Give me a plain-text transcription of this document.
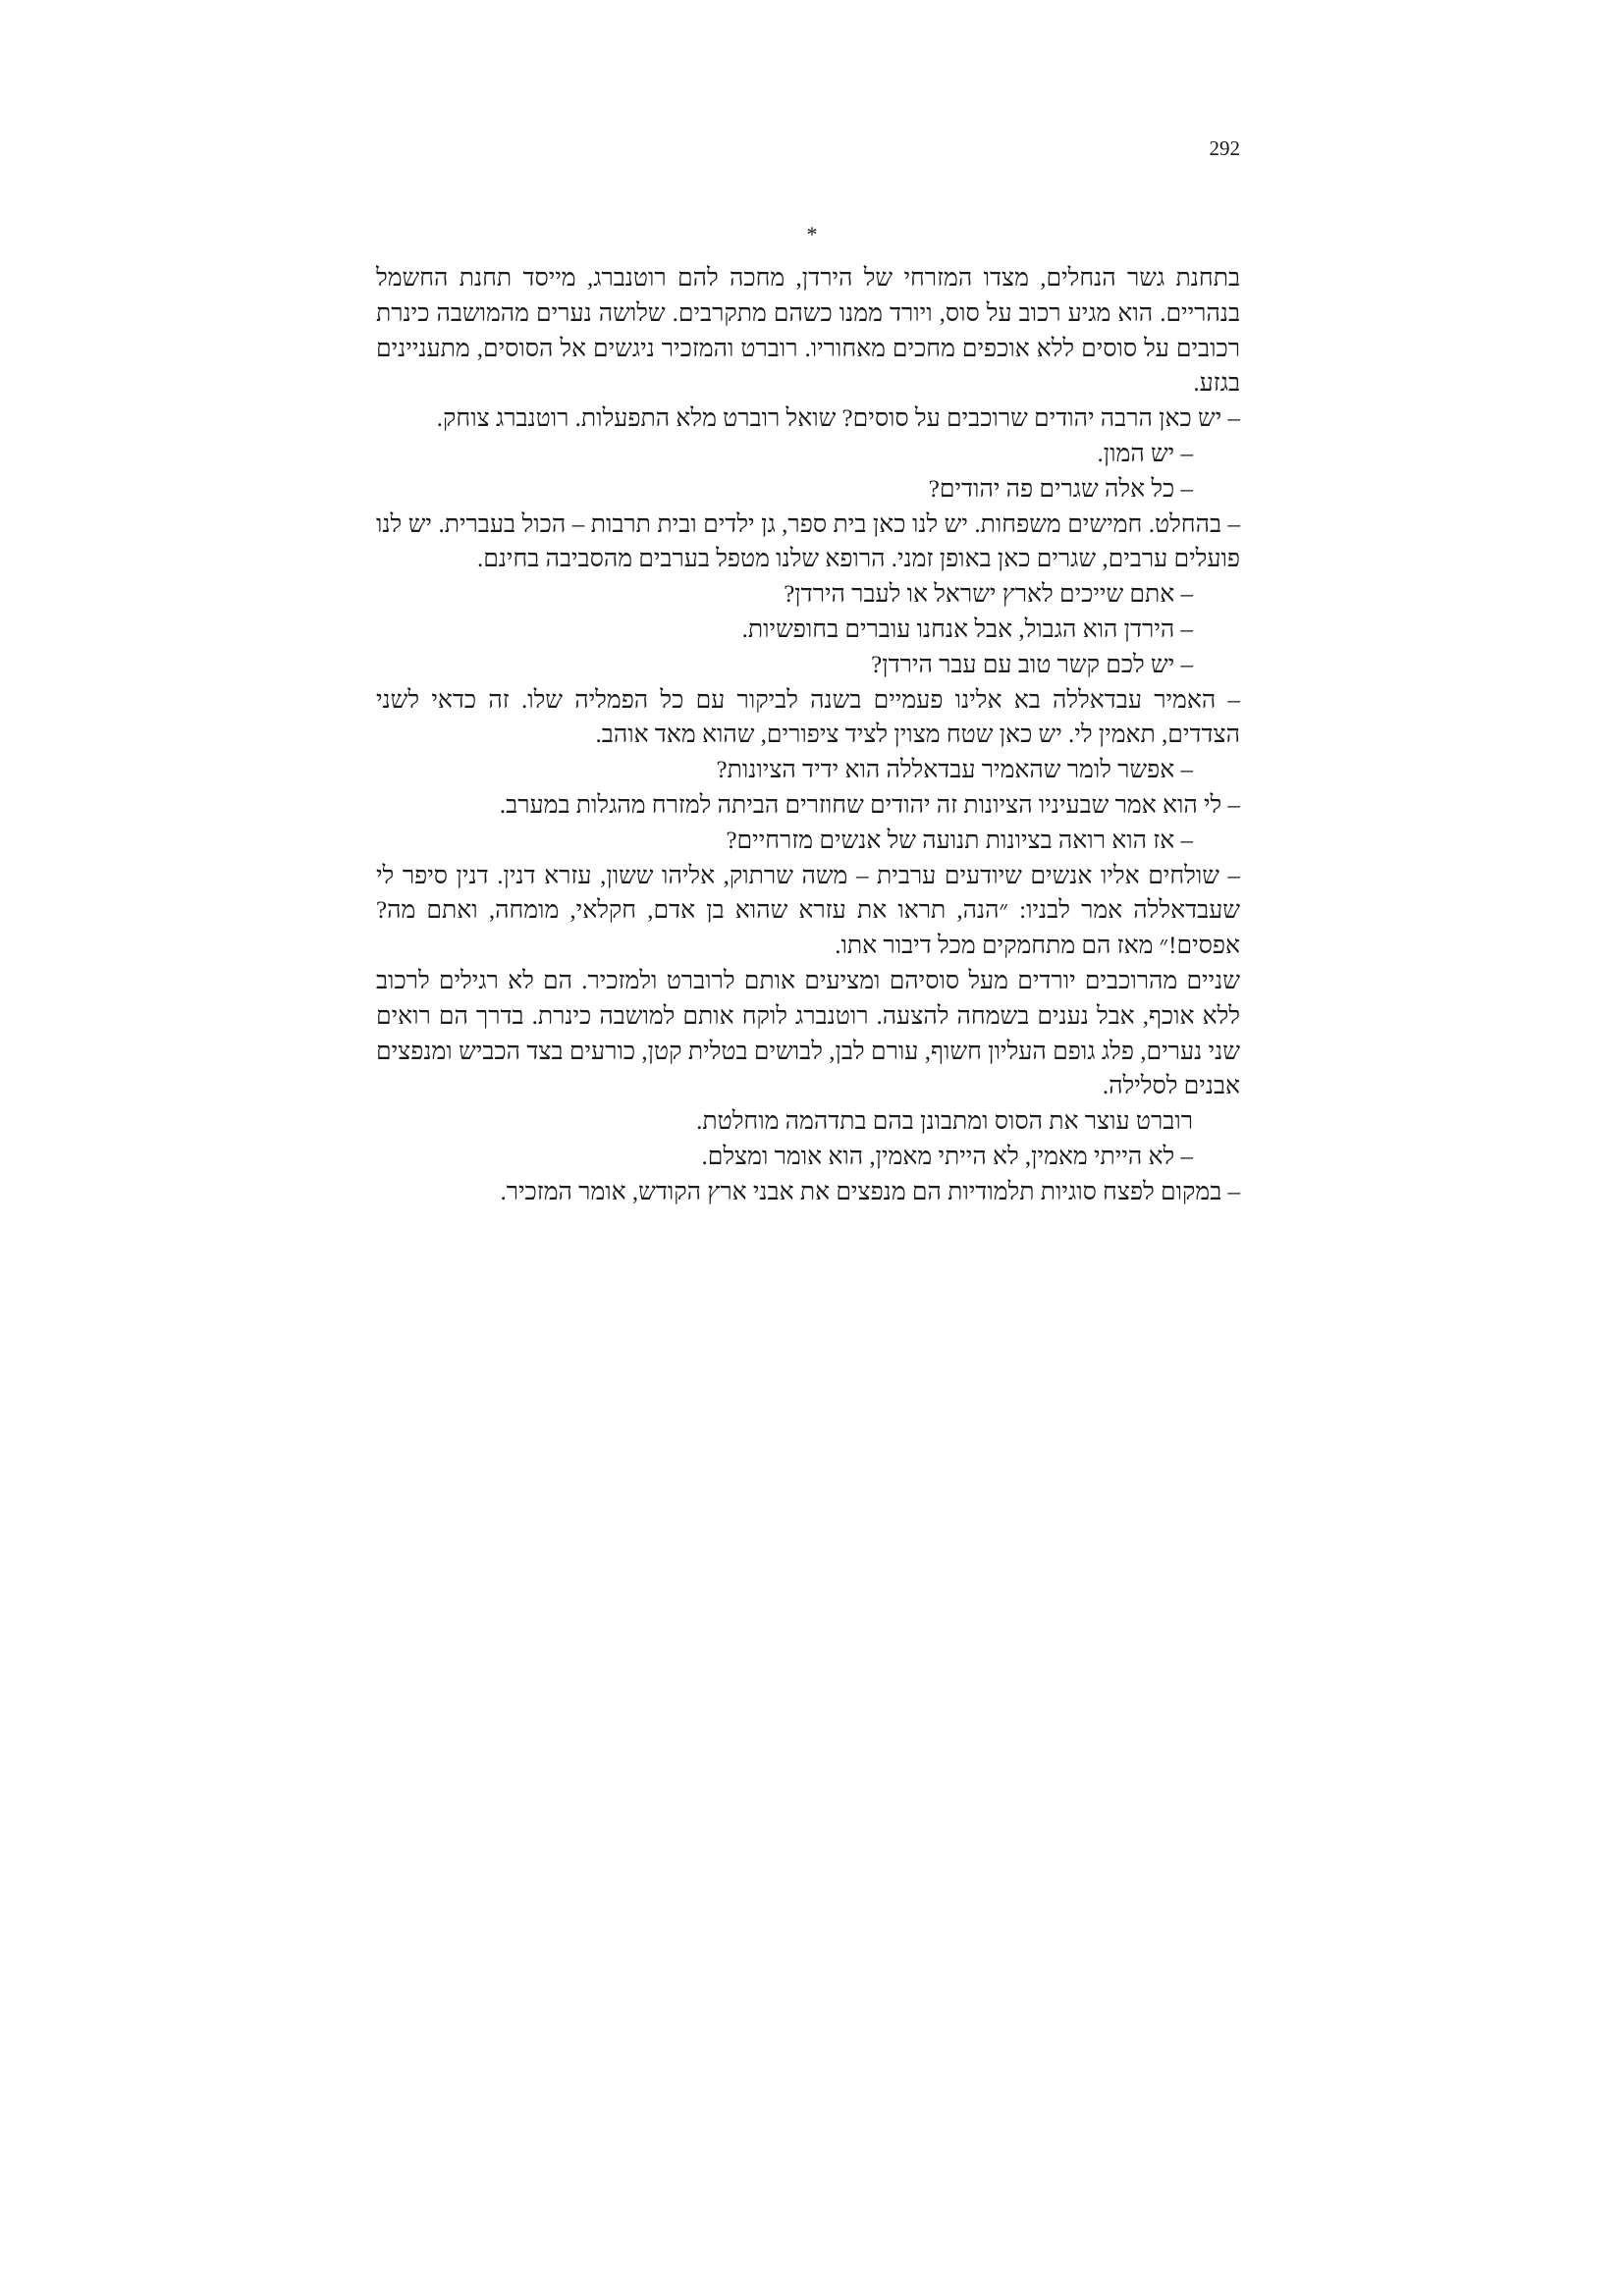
292
*

בתחנת גשר הנחלים, מצדו המזרחי של הירדן, מחכה להם רוטנברג, מייסד תחנת החשמל בנהריים. הוא מגיע רכוב על סוס, ויורד ממנו כשהם מתקרבים. שלושה נערים מהמושבה כינרת רכובים על סוסים ללא אוכפים מחכים מאחוריו. רוברט והמזכיר ניגשים אל הסוסים, מתעניינים בגזע.

– יש כאן הרבה יהודים שרוכבים על סוסים? שואל רוברט מלא התפעלות. רוטנברג צוחק.

– יש המון.

– כל אלה שגרים פה יהודים?

– בהחלט. חמישים משפחות. יש לנו כאן בית ספר, גן ילדים ובית תרבות – הכול בעברית. יש לנו פועלים ערבים, שגרים כאן באופן זמני. הרופא שלנו מטפל בערבים מהסביבה בחינם.

– אתם שייכים לארץ ישראל או לעבר הירדן?

– הירדן הוא הגבול, אבל אנחנו עוברים בחופשיות.

– יש לכם קשר טוב עם עבר הירדן?

– האמיר עבדאללה בא אלינו פעמיים בשנה לביקור עם כל הפמליה שלו. זה כדאי לשני הצדדים, תאמין לי. יש כאן שטח מצוין לציד ציפורים, שהוא מאד אוהב.

– אפשר לומר שהאמיר עבדאללה הוא ידיד הציונות?

– לי הוא אמר שבעיניו הציונות זה יהודים שחוזרים הביתה למזרח מהגלות במערב.

– אז הוא רואה בציונות תנועה של אנשים מזרחיים?

– שולחים אליו אנשים שיודעים ערבית – משה שרתוק, אליהו ששון, עזרא דנין. דנין סיפר לי שעבדאללה אמר לבניו: ״הנה, תראו את עזרא שהוא בן אדם, חקלאי, מומחה, ואתם מה? אפסים!״ מאז הם מתחמקים מכל דיבור אתו.

שניים מהרוכבים יורדים מעל סוסיהם ומציעים אותם לרוברט ולמזכיר. הם לא רגילים לרכוב ללא אוכף, אבל נענים בשמחה להצעה. רוטנברג לוקח אותם למושבה כינרת. בדרך הם רואים שני נערים, פלג גופם העליון חשוף, עורם לבן, לבושים בטלית קטן, כורעים בצד הכביש ומנפצים אבנים לסלילה.

רוברט עוצר את הסוס ומתבונן בהם בתדהמה מוחלטת.

– לא הייתי מאמין, לא הייתי מאמין, הוא אומר ומצלם.

– במקום לפצח סוגיות תלמודיות הם מנפצים את אבני ארץ הקודש, אומר המזכיר.
